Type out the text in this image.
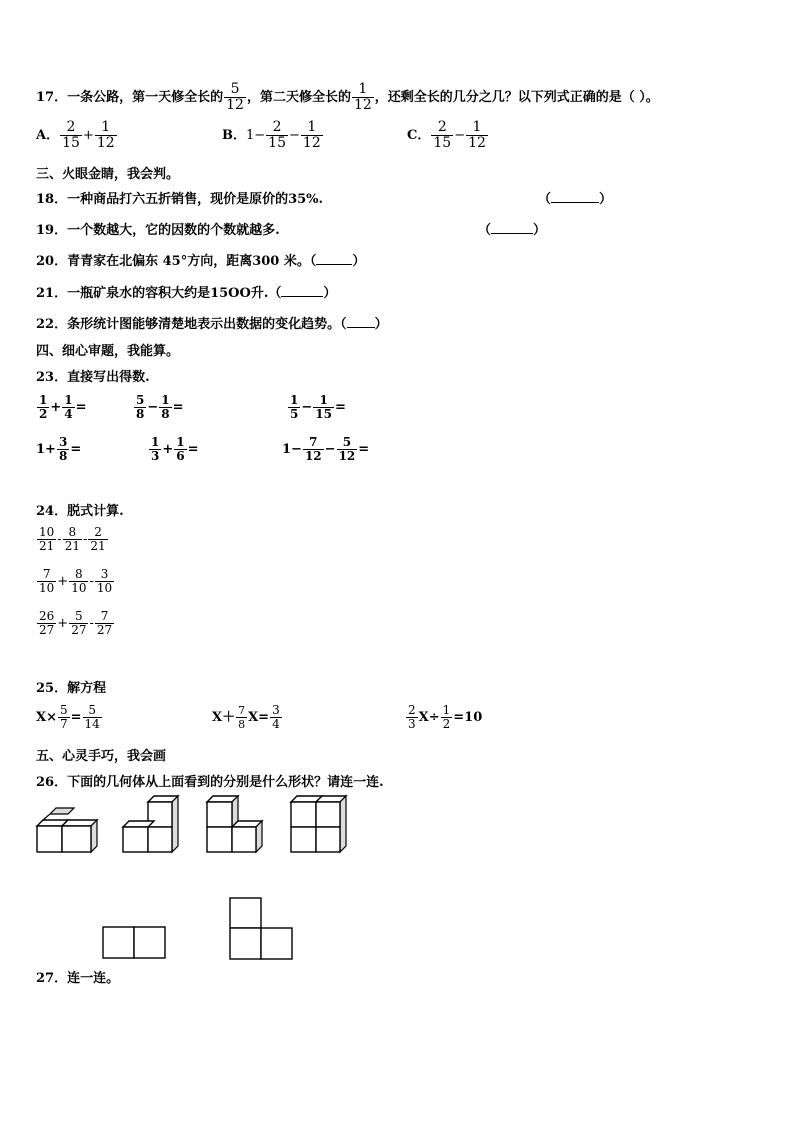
17．一条公路，第一天修全长的 $\frac{5}{12}$ ，第二天修全长的 $\frac{1}{12}$ ，还剩全长的几分之几？以下列式正确的是（ ）。
A． $\frac{2}{15} + \frac{1}{12}$	B．$1- \frac{2}{15} - \frac{1}{12}$	C． $\frac{2}{15} - \frac{1}{12}$
三、火眼金睛，我会判。
18．一种商品打六五折销售，现价是原价的35%.	（	）
19．一个数越大，它的因数的个数就越多.	（	）
20．青青家在北偏东 45°方向，距离300 米。（	）
21．一瓶矿泉水的容积大约是15OO升.（	）
22．条形统计图能够清楚地表示出数据的变化趋势。（ ）
四、细心审题，我能算。
23．直接写出得数.
$\frac{1}{2} + \frac{1}{4}$ =	$\frac{5}{8} - \frac{1}{8}$ =	$\frac{1}{5} - \frac{1}{15}$ =
$1+ \frac{3}{8}$ =	$\frac{1}{3} + \frac{1}{6}$ =	$1- \frac{7}{12} - \frac{5}{12}$ =
24．脱式计算.
$\frac{10}{21} - \frac{8}{21} - \frac{2}{21}$
$\frac{7}{10} + \frac{8}{10} - \frac{3}{10}$
$\frac{26}{27} + \frac{5}{27} - \frac{7}{27}$
25．解方程
$X\times \frac{5}{7} = \frac{5}{14}$	$X+ \frac{7}{8} X= \frac{3}{4}$	$\frac{2}{3} X\div \frac{1}{2} =10$
五、心灵手巧，我会画
26．下面的几何体从上面看到的分别是什么形状？请连一连.
27．连一连。
